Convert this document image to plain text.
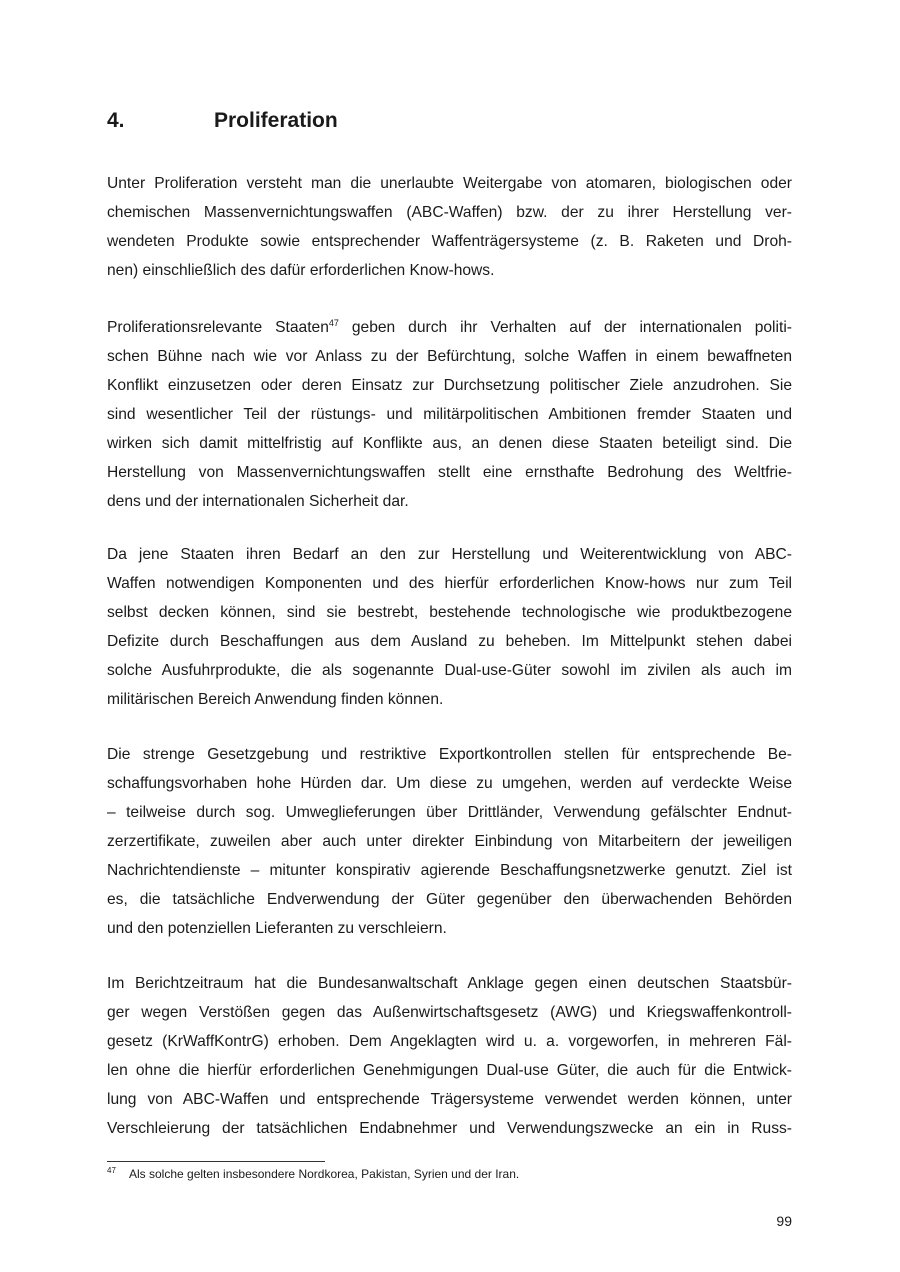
4.	Proliferation

Unter Proliferation versteht man die unerlaubte Weitergabe von atomaren, biologischen oder
chemischen Massenvernichtungswaffen (ABC-Waffen) bzw. der zu ihrer Herstellung ver-
wendeten Produkte sowie entsprechender Waffenträgersysteme (z. B. Raketen und Droh-
nen) einschließlich des dafür erforderlichen Know-hows.

Proliferationsrelevante Staaten$^{47}$ geben durch ihr Verhalten auf der internationalen politi-
schen Bühne nach wie vor Anlass zu der Befürchtung, solche Waffen in einem bewaffneten
Konflikt einzusetzen oder deren Einsatz zur Durchsetzung politischer Ziele anzudrohen. Sie
sind wesentlicher Teil der rüstungs- und militärpolitischen Ambitionen fremder Staaten und
wirken sich damit mittelfristig auf Konflikte aus, an denen diese Staaten beteiligt sind. Die
Herstellung von Massenvernichtungswaffen stellt eine ernsthafte Bedrohung des Weltfrie-
dens und der internationalen Sicherheit dar.

Da jene Staaten ihren Bedarf an den zur Herstellung und Weiterentwicklung von ABC-
Waffen notwendigen Komponenten und des hierfür erforderlichen Know-hows nur zum Teil
selbst decken können, sind sie bestrebt, bestehende technologische wie produktbezogene
Defizite durch Beschaffungen aus dem Ausland zu beheben. Im Mittelpunkt stehen dabei
solche Ausfuhrprodukte, die als sogenannte Dual-use-Güter sowohl im zivilen als auch im
militärischen Bereich Anwendung finden können.

Die strenge Gesetzgebung und restriktive Exportkontrollen stellen für entsprechende Be-
schaffungsvorhaben hohe Hürden dar. Um diese zu umgehen, werden auf verdeckte Weise
– teilweise durch sog. Umweglieferungen über Drittländer, Verwendung gefälschter Endnut-
zerzertifikate, zuweilen aber auch unter direkter Einbindung von Mitarbeitern der jeweiligen
Nachrichtendienste – mitunter konspirativ agierende Beschaffungsnetzwerke genutzt. Ziel ist
es, die tatsächliche Endverwendung der Güter gegenüber den überwachenden Behörden
und den potenziellen Lieferanten zu verschleiern.

Im Berichtzeitraum hat die Bundesanwaltschaft Anklage gegen einen deutschen Staatsbür-
ger wegen Verstößen gegen das Außenwirtschaftsgesetz (AWG) und Kriegswaffenkontroll-
gesetz (KrWaffKontrG) erhoben. Dem Angeklagten wird u. a. vorgeworfen, in mehreren Fäl-
len ohne die hierfür erforderlichen Genehmigungen Dual-use Güter, die auch für die Entwick-
lung von ABC-Waffen und entsprechende Trägersysteme verwendet werden können, unter
Verschleierung der tatsächlichen Endabnehmer und Verwendungszwecke an ein in Russ-

$^{47}$ Als solche gelten insbesondere Nordkorea, Pakistan, Syrien und der Iran.

99
